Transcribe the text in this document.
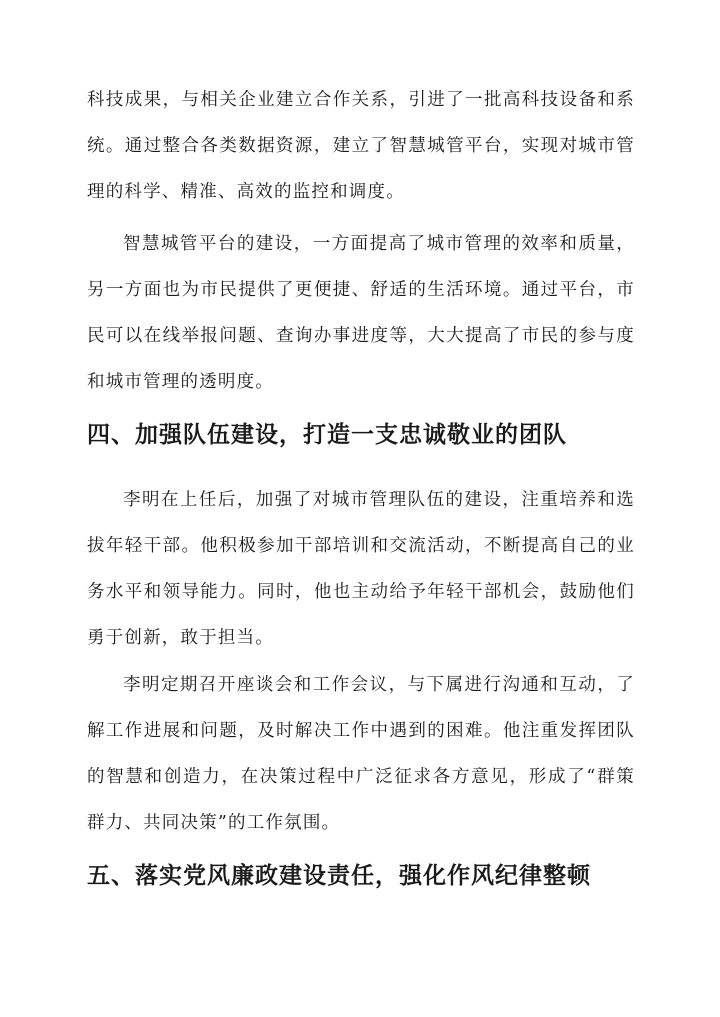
科技成果，与相关企业建立合作关系，引进了一批高科技设备和系统。通过整合各类数据资源，建立了智慧城管平台，实现对城市管理的科学、精准、高效的监控和调度。

智慧城管平台的建设，一方面提高了城市管理的效率和质量，另一方面也为市民提供了更便捷、舒适的生活环境。通过平台，市民可以在线举报问题、查询办事进度等，大大提高了市民的参与度和城市管理的透明度。

四、加强队伍建设，打造一支忠诚敬业的团队

李明在上任后，加强了对城市管理队伍的建设，注重培养和选拔年轻干部。他积极参加干部培训和交流活动，不断提高自己的业务水平和领导能力。同时，他也主动给予年轻干部机会，鼓励他们勇于创新，敢于担当。

李明定期召开座谈会和工作会议，与下属进行沟通和互动，了解工作进展和问题，及时解决工作中遇到的困难。他注重发挥团队的智慧和创造力，在决策过程中广泛征求各方意见，形成了“群策群力、共同决策”的工作氛围。

五、落实党风廉政建设责任，强化作风纪律整顿
